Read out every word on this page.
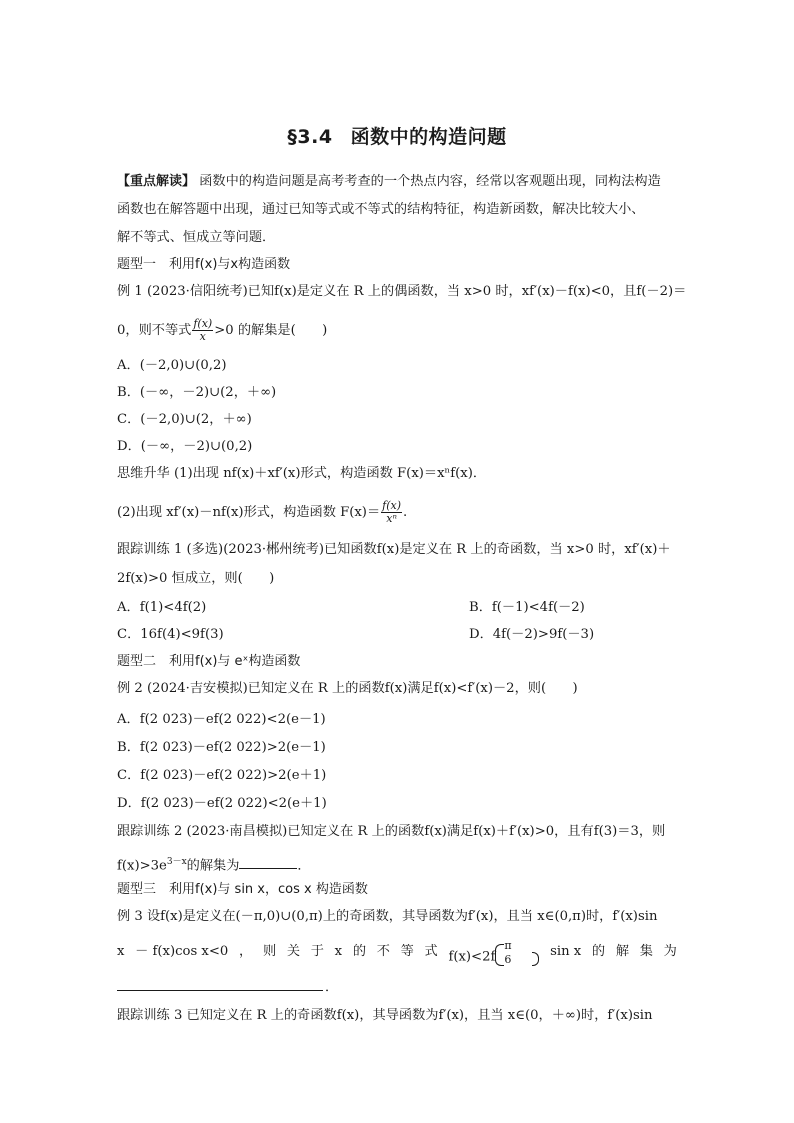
§3.4 函数中的构造问题
【重点解读】 函数中的构造问题是高考考查的一个热点内容，经常以客观题出现，同构法构造
函数也在解答题中出现，通过已知等式或不等式的结构特征，构造新函数，解决比较大小、
解不等式、恒成立等问题．
题型一　利用f(x)与x构造函数
例 1 (2023·信阳统考)已知f(x)是定义在 R 上的偶函数，当 x>0 时，xf′(x)－f(x)<0，且f(－2)＝
0，则不等式 $\frac{f(x)}{x} >0$ 的解集是(　　)
A．(－2,0)∪(0,2)
B．(－∞，－2)∪(2，＋∞)
C．(－2,0)∪(2，＋∞)
D．(－∞，－2)∪(0,2)
思维升华 (1)出现 nf(x)＋xf′(x)形式，构造函数 F(x)＝xⁿf(x)．
(2)出现 xf′(x)－nf(x)形式，构造函数 $F(x)= \frac{f(x)}{\text{xⁿ}}$ .
跟踪训练 1 (多选)(2023·郴州统考)已知函数f(x)是定义在 R 上的奇函数，当 x>0 时，xf′(x)＋
2f(x)>0 恒成立，则(　　)
A．f(1)<4f(2)	B．f(－1)<4f(－2)
C．16f(4)<9f(3)	D．4f(－2)>9f(－3)
题型二　利用f(x)与 eˣ构造函数
例 2 (2024·吉安模拟)已知定义在 R 上的函数f(x)满足f(x)<f′(x)－2，则(　　)
A．f(2 023)－ef(2 022)<2(e－1)
B．f(2 023)－ef(2 022)>2(e－1)
C．f(2 023)－ef(2 022)>2(e＋1)
D．f(2 023)－ef(2 022)<2(e＋1)
跟踪训练 2 (2023·南昌模拟)已知定义在 R 上的函数f(x)满足f(x)＋f′(x)>0，且有f(3)＝3，则
$f(x)>3e^{3-x}$的解集为	．
题型三　利用f(x)与 sin x，cos x 构造函数
例 3 设f(x)是定义在(－π,0)∪(0,π)上的奇函数，其导函数为f′(x)，且当 x∈(0,π)时，f′(x)sin
x － f(x)cos x<0 ， 则 关 于 x 的 不 等 式 f(x)<2f
π
6
sin x 的 解 集 为
．
跟踪训练 3 已知定义在 R 上的奇函数f(x)，其导函数为f′(x)，且当 x∈(0，＋∞)时，f′(x)sin
